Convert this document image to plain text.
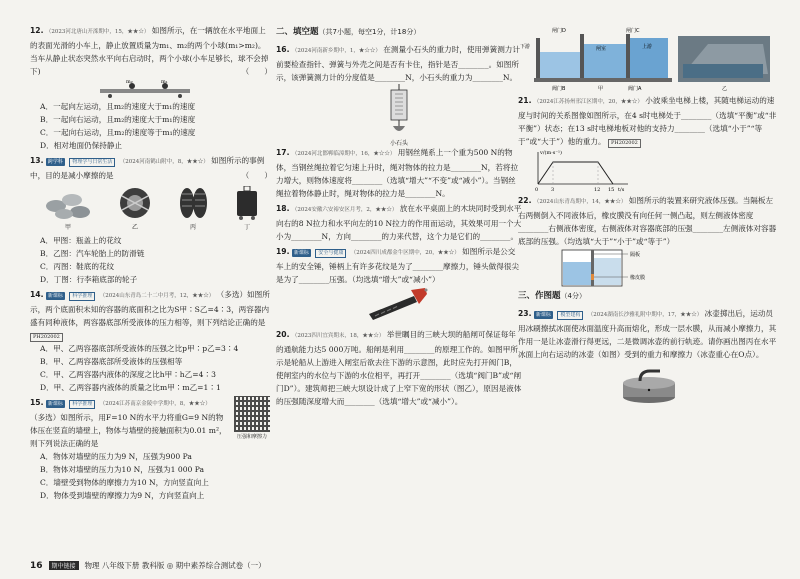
12. （2023河北唐山开滦期中，15，★★☆） 如图所示，在一辆放在水平地面上的表面光滑的小车上，静止放置质量为m₁、m₂的两个小球(m₁>m₂)。当车从静止状态突然水平向右启动时，两个小球(小车足够长，球不会掉下)	（　　）
m₂	m₁
A．一起向左运动，且m₂的速度大于m₁的速度
B．一起向右运动，且m₂的速度大于m₁的速度
C．一起向右运动，且m₂的速度等于m₁的速度
D．相对地面仍保持静止
13. 跨学科 物理学与日常生活 （2024河南鹤山附中，8，★★☆） 如图所示的事例中，目的是减小摩擦的是	（　　）
甲	乙	丙	丁
A．甲图：瓶盖上的花纹
B．乙图：汽车轮胎上的防滑链
C．丙图：鞋底的花纹
D．丁图：行李箱底部的轮子
14. 新课标 科学推理 （2024山东青岛二十二中月考，12，★★☆） （多选）如图所示，两个底面积未知的容器的底面积之比为S甲∶S乙=4∶3，两容器内盛有同种液体，两容器底部所受液体的压力相等，则下列结论正确的是 PH202002
A．甲、乙两容器底部所受液体的压强之比p甲∶p乙=3∶4
B．甲、乙两容器底部所受液体的压强相等
C．甲、乙两容器内液体的深度之比h甲∶h乙=4∶3
D．甲、乙两容器内液体的质量之比m甲∶m乙=1∶1
压强和摩擦力
15. 新课标 科学推理 （2024江苏南京金陵中学期中，8，★★☆） （多选）如图所示，用F=10 N的水平力将重G=9 N的物体压在竖直的墙壁上，物体与墙壁的接触面积为0.01 m²，则下列说法正确的是
A．物体对墙壁的压力为9 N，压强为900 Pa
B．物体对墙壁的压力为10 N，压强为1 000 Pa
C．墙壁受到物体的摩擦力为10 N，方向竖直向上
D．物体受到墙壁的摩擦力为9 N，方向竖直向上
二、填空题（共7小题，每空1分，计18分）
16. （2024河南新乡期中，1，★☆☆） 在测量小石头的重力时，使用弹簧测力计前要检查指针、弹簧与外壳之间是否有卡住，指针是否________。如图所示，该弹簧测力计的分度值是________N，小石头的重力为________N。
小石头
17. （2024河北邯郸临漳期中，16，★☆☆） 用钢丝绳系上一个重为500 N的物体，当钢丝绳拉着它匀速上升时，绳对物体的拉力是________N，若将拉力增大，则物体速度将________（选填“增大”“不变”或“减小”）。当钢丝绳拉着物体静止时，绳对物体的拉力是________N。
18. （2024安徽六安裕安区月考，2，★★☆） 放在水平桌面上的木块同时受到水平向右的8 N拉力和水平向左的10 N拉力的作用而运动，其效果可用一个大小为________N，方向________的力来代替，这个力是它们的________。
19. 新课标 安全与健康 （2024四川成都金牛区期中，20，★★☆） 如图所示是公交车上的安全锤，锤柄上有许多花纹是为了________摩擦力，锤头做得很尖是为了________压强。（均选填“增大”或“减小”）
20. （2023四川宜宾期末，18，★★☆） 举世瞩目的三峡大坝的船闸可保证每年的通航能力达5 000万吨。船闸是利用________的原理工作的。如图甲所示是轮船从上游进入闸室后欲去往下游的示意图，此时应先打开阀门B，使闸室内的水位与下游的水位相平，再打开________（选填“阀门B”或“闸门D”）。建筑师把三峡大坝设计成了上窄下宽的形状（图乙），原因是液体的压强随深度增大而________（选填“增大”或“减小”）。
闸门D	闸门C
下游	闸室	上游
阀门B	阀门A
甲	乙
21. （2024江苏扬州邗江区期中，20，★★☆） 小波乘坐电梯上楼，其随电梯运动的速度与时间的关系图像如图所示，在4 s时电梯处于________（选填“平衡”或“非平衡”）状态；在13 s时电梯地板对他的支持力________（选填“小于”“等于”或“大于”）他的重力。 PH202002
v/(m·s⁻¹)
t/s
0	3	12 15
22. （2024山东青岛期中，14，★★☆） 如图所示的装置来研究液体压强。当隔板左右两侧倒入不同液体后，橡皮膜没有向任何一侧凸起，则左侧液体密度________右侧液体密度，右侧液体对容器底部的压强________左侧液体对容器底部的压强。（均选填“大于”“小于”或“等于”）
隔板
橡皮膜
三、作图题（4分）
23. 新课标 模型建构 （2024湖南长沙雅礼附中期中，17，★★☆） 冰壶掷出后，运动员用冰刷擦拭冰面使冰面温度升高而熔化，形成一层水膜，从而减小摩擦力，其作用一是让冰壶滑行得更远，二是微调冰壶的前行轨迹。请你画出图丙在水平冰面上向右运动的冰壶（如图）受到的重力和摩擦力（冰壶重心在O点）。
16	期中链接	物理 八年级下册 教科版 ◎ 期中素养综合测试卷（一）
